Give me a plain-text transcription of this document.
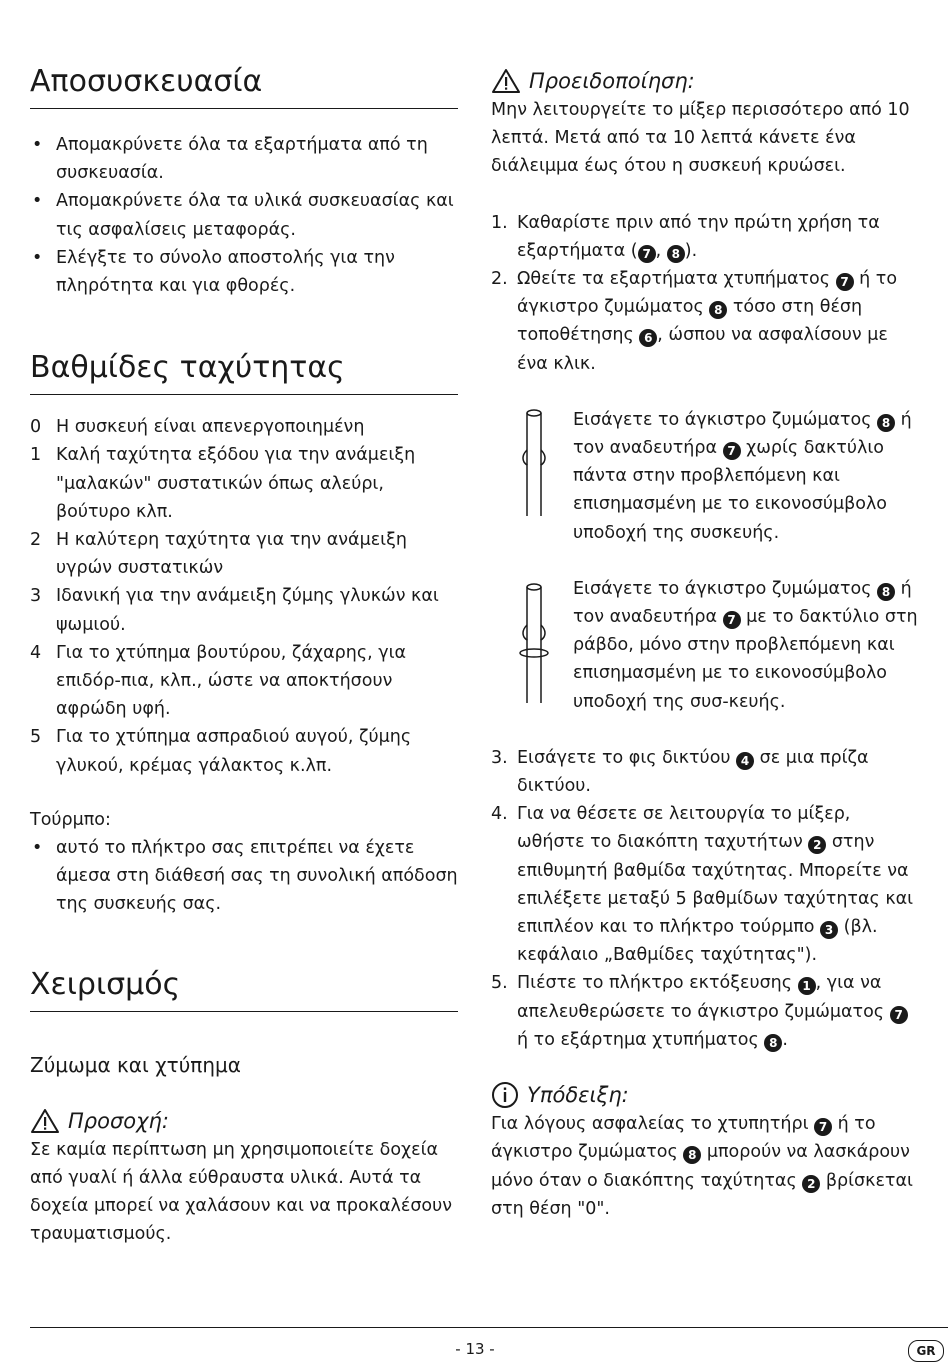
Αποσυσκευασία
• Απομακρύνετε όλα τα εξαρτήματα από τη συσκευασία.
• Απομακρύνετε όλα τα υλικά συσκευασίας και τις ασφαλίσεις μεταφοράς.
• Ελέγξτε το σύνολο αποστολής για την πληρότητα και για φθορές.
Βαθμίδες ταχύτητας
0 Η συσκευή είναι απενεργοποιημένη
1 Καλή ταχύτητα εξόδου για την ανάμειξη "μαλακών" συστατικών όπως αλεύρι, βούτυρο κλπ.
2 Η καλύτερη ταχύτητα για την ανάμειξη υγρών συστατικών
3 Ιδανική για την ανάμειξη ζύμης γλυκών και ψωμιού.
4 Για το χτύπημα βουτύρου, ζάχαρης, για επιδόρ-πια, κλπ., ώστε να αποκτήσουν αφρώδη υφή.
5 Για το χτύπημα ασπραδιού αυγού, ζύμης γλυκού, κρέμας γάλακτος κ.λπ.

Τούρμπο:

• αυτό το πλήκτρο σας επιτρέπει να έχετε άμεσα στη διάθεσή σας τη συνολική απόδοση της συσκευής σας.
Χειρισμός
Ζύμωμα και χτύπημα
Προσοχή:

Σε καμία περίπτωση μη χρησιμοποιείτε δοχεία από γυαλί ή άλλα εύθραυστα υλικά. Αυτά τα δοχεία μπορεί να χαλάσουν και να προκαλέσουν τραυματισμούς.

Προειδοποίηση:

Μην λειτουργείτε το μίξερ περισσότερο από 10 λεπτά. Μετά από τα 10 λεπτά κάνετε ένα διάλειμμα έως ότου η συσκευή κρυώσει.

1. Καθαρίστε πριν από την πρώτη χρήση τα εξαρτήματα ( 7 , 8 ).
2. Ωθείτε τα εξαρτήματα χτυπήματος 7 ή το άγκιστρο ζυμώματος 8 τόσο στη θέση τοποθέτησης 6 , ώσπου να ασφαλίσουν με ένα κλικ.

Εισάγετε το άγκιστρο ζυμώματος 8 ή τον αναδευτήρα 7 χωρίς δακτύλιο πάντα στην προβλεπόμενη και επισημασμένη με το εικονοσύμβολο υποδοχή της συσκευής.

Εισάγετε το άγκιστρο ζυμώματος 8 ή τον αναδευτήρα 7 με το δακτύλιο στη ράβδο, μόνο στην προβλεπόμενη και επισημασμένη με το εικονοσύμβολο υποδοχή της συσ-κευής.

3. Εισάγετε το φις δικτύου 4 σε μια πρίζα δικτύου.
4. Για να θέσετε σε λειτουργία το μίξερ, ωθήστε το διακόπτη ταχυτήτων 2 στην επιθυμητή βαθμίδα ταχύτητας. Μπορείτε να επιλέξετε μεταξύ 5 βαθμίδων ταχύτητας και επιπλέον και το πλήκτρο τούρμπο 3 (βλ. κεφάλαιο „Βαθμίδες ταχύτητας").
5. Πιέστε το πλήκτρο εκτόξευσης 1 , για να απελευθερώσετε το άγκιστρο ζυμώματος 7 ή το εξάρτημα χτυπήματος 8 .
Υπόδειξη:

Για λόγους ασφαλείας το χτυπητήρι 7 ή το άγκιστρο ζυμώματος 8 μπορούν να λασκάρουν μόνο όταν ο διακόπτης ταχύτητας 2 βρίσκεται στη θέση "0".

- 13 -	GR
